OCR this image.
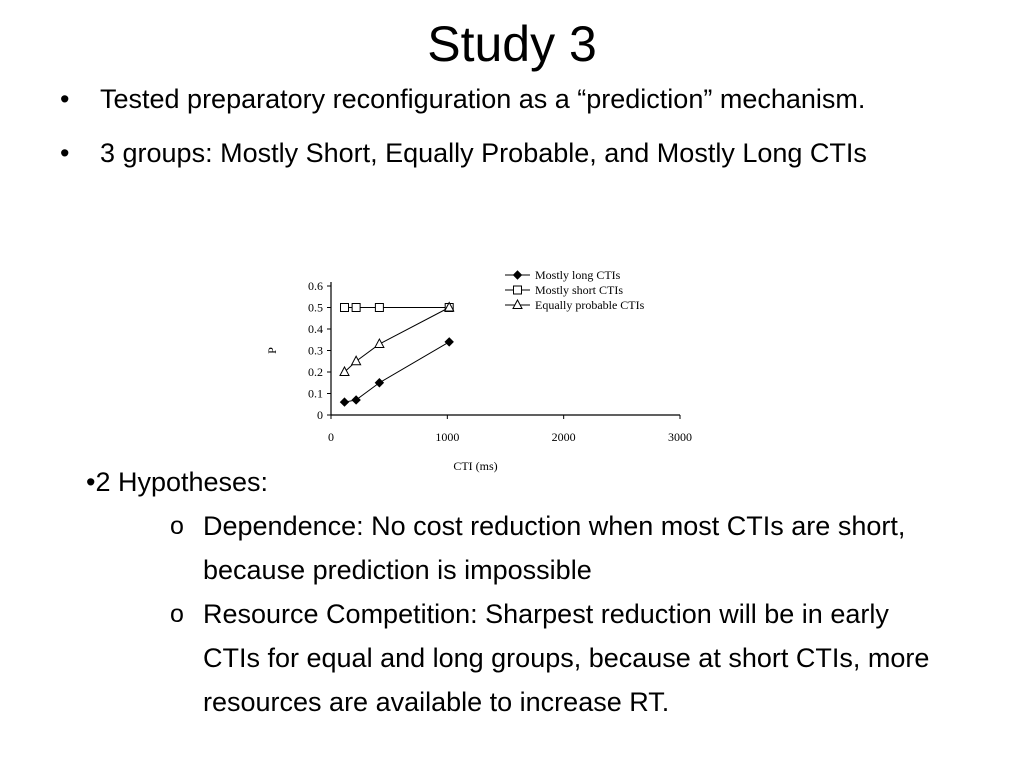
Study 3
• Tested preparatory reconfiguration as a “prediction” mechanism.
• 3 groups: Mostly Short, Equally Probable, and Mostly Long CTIs
0
0.1
0.2
0.3
0.4
0.5
0.6
0	1000	2000	3000
CTI (ms)
P
Mostly long CTIs
Mostly short CTIs
Equally probable CTIs
•2 Hypotheses:
o Dependence: No cost reduction when most CTIs are short, because prediction is impossible
o Resource Competition: Sharpest reduction will be in early CTIs for equal and long groups, because at short CTIs, more resources are available to increase RT.
